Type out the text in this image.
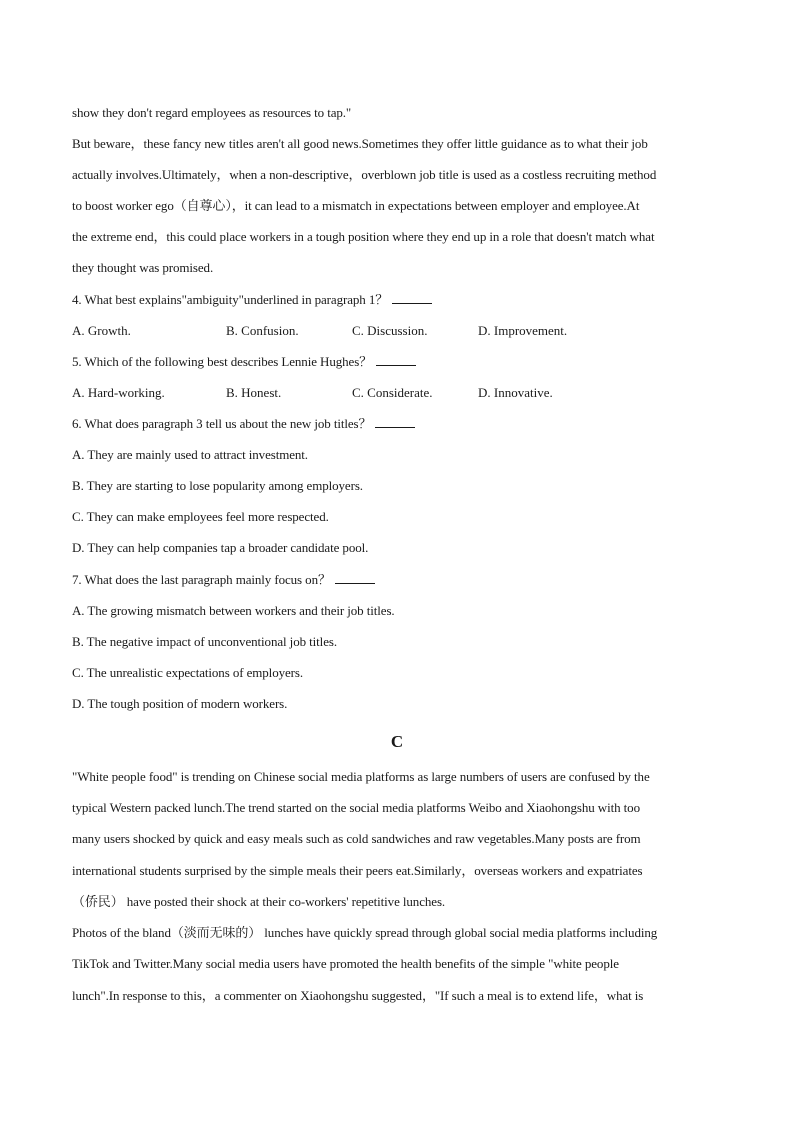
show they don't regard employees as resources to tap."
But beware，these fancy new titles aren't all good news.Sometimes they offer little guidance as to what their job
actually involves.Ultimately，when a non-descriptive，overblown job title is used as a costless recruiting method
to boost worker ego（自尊心），it can lead to a mismatch in expectations between employer and employee.At
the extreme end，this could place workers in a tough position where they end up in a role that doesn't match what
they thought was promised.
4. What best explains"ambiguity"underlined in paragraph 1？
A. Growth.	B. Confusion.	C. Discussion.	D. Improvement.
5. Which of the following best describes Lennie Hughes？
A. Hard-working.	B. Honest.	C. Considerate.	D. Innovative.
6. What does paragraph 3 tell us about the new job titles？
A. They are mainly used to attract investment.
B. They are starting to lose popularity among employers.
C. They can make employees feel more respected.
D. They can help companies tap a broader candidate pool.
7. What does the last paragraph mainly focus on？
A. The growing mismatch between workers and their job titles.
B. The negative impact of unconventional job titles.
C. The unrealistic expectations of employers.
D. The tough position of modern workers.
C
"White people food" is trending on Chinese social media platforms as large numbers of users are confused by the
typical Western packed lunch.The trend started on the social media platforms Weibo and Xiaohongshu with too
many users shocked by quick and easy meals such as cold sandwiches and raw vegetables.Many posts are from
international students surprised by the simple meals their peers eat.Similarly，overseas workers and expatriates
（侨民） have posted their shock at their co-workers' repetitive lunches.
Photos of the bland（淡而无味的） lunches have quickly spread through global social media platforms including
TikTok and Twitter.Many social media users have promoted the health benefits of the simple "white people
lunch".In response to this，a commenter on Xiaohongshu suggested，"If such a meal is to extend life，what is
